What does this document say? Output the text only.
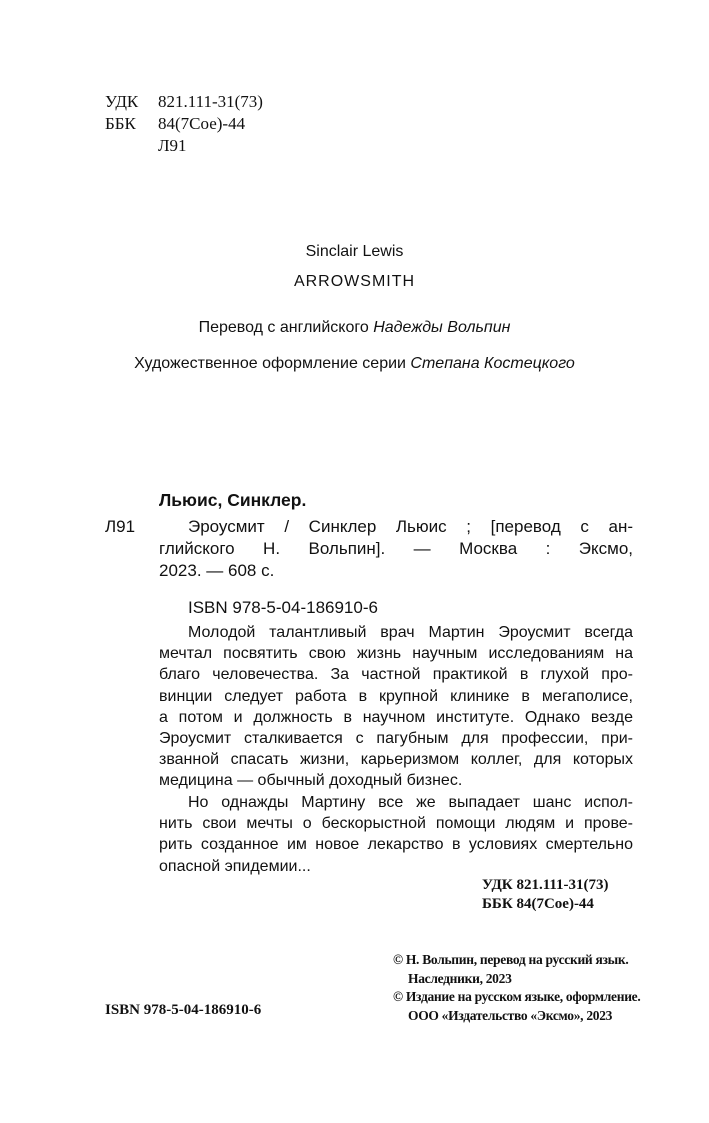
УДК 821.111-31(73)
ББК 84(7Сое)-44
Л91
Sinclair Lewis
ARROWSMITH
Перевод с английского Надежды Вольпин
Художественное оформление серии Степана Костецкого
Льюис, Синклер.
Л91	Эроусмит / Синклер Льюис ; [перевод с ан-
глийского Н. Вольпин]. — Москва : Эксмо,
2023. — 608 с.
ISBN 978-5-04-186910-6
Молодой талантливый врач Мартин Эроусмит всегда
мечтал посвятить свою жизнь научным исследованиям на
благо человечества. За частной практикой в глухой про-
винции следует работа в крупной клинике в мегаполисе,
а потом и должность в научном институте. Однако везде
Эроусмит сталкивается с пагубным для профессии, при-
званной спасать жизни, карьеризмом коллег, для которых
медицина — обычный доходный бизнес.
Но однажды Мартину все же выпадает шанс испол-
нить свои мечты о бескорыстной помощи людям и прове-
рить созданное им новое лекарство в условиях смертельно
опасной эпидемии...
УДК 821.111-31(73)
ББК 84(7Сое)-44
ISBN 978-5-04-186910-6
© Н. Вольпин, перевод на русский язык.
Наследники, 2023
© Издание на русском языке, оформление.
ООО «Издательство «Эксмо», 2023
